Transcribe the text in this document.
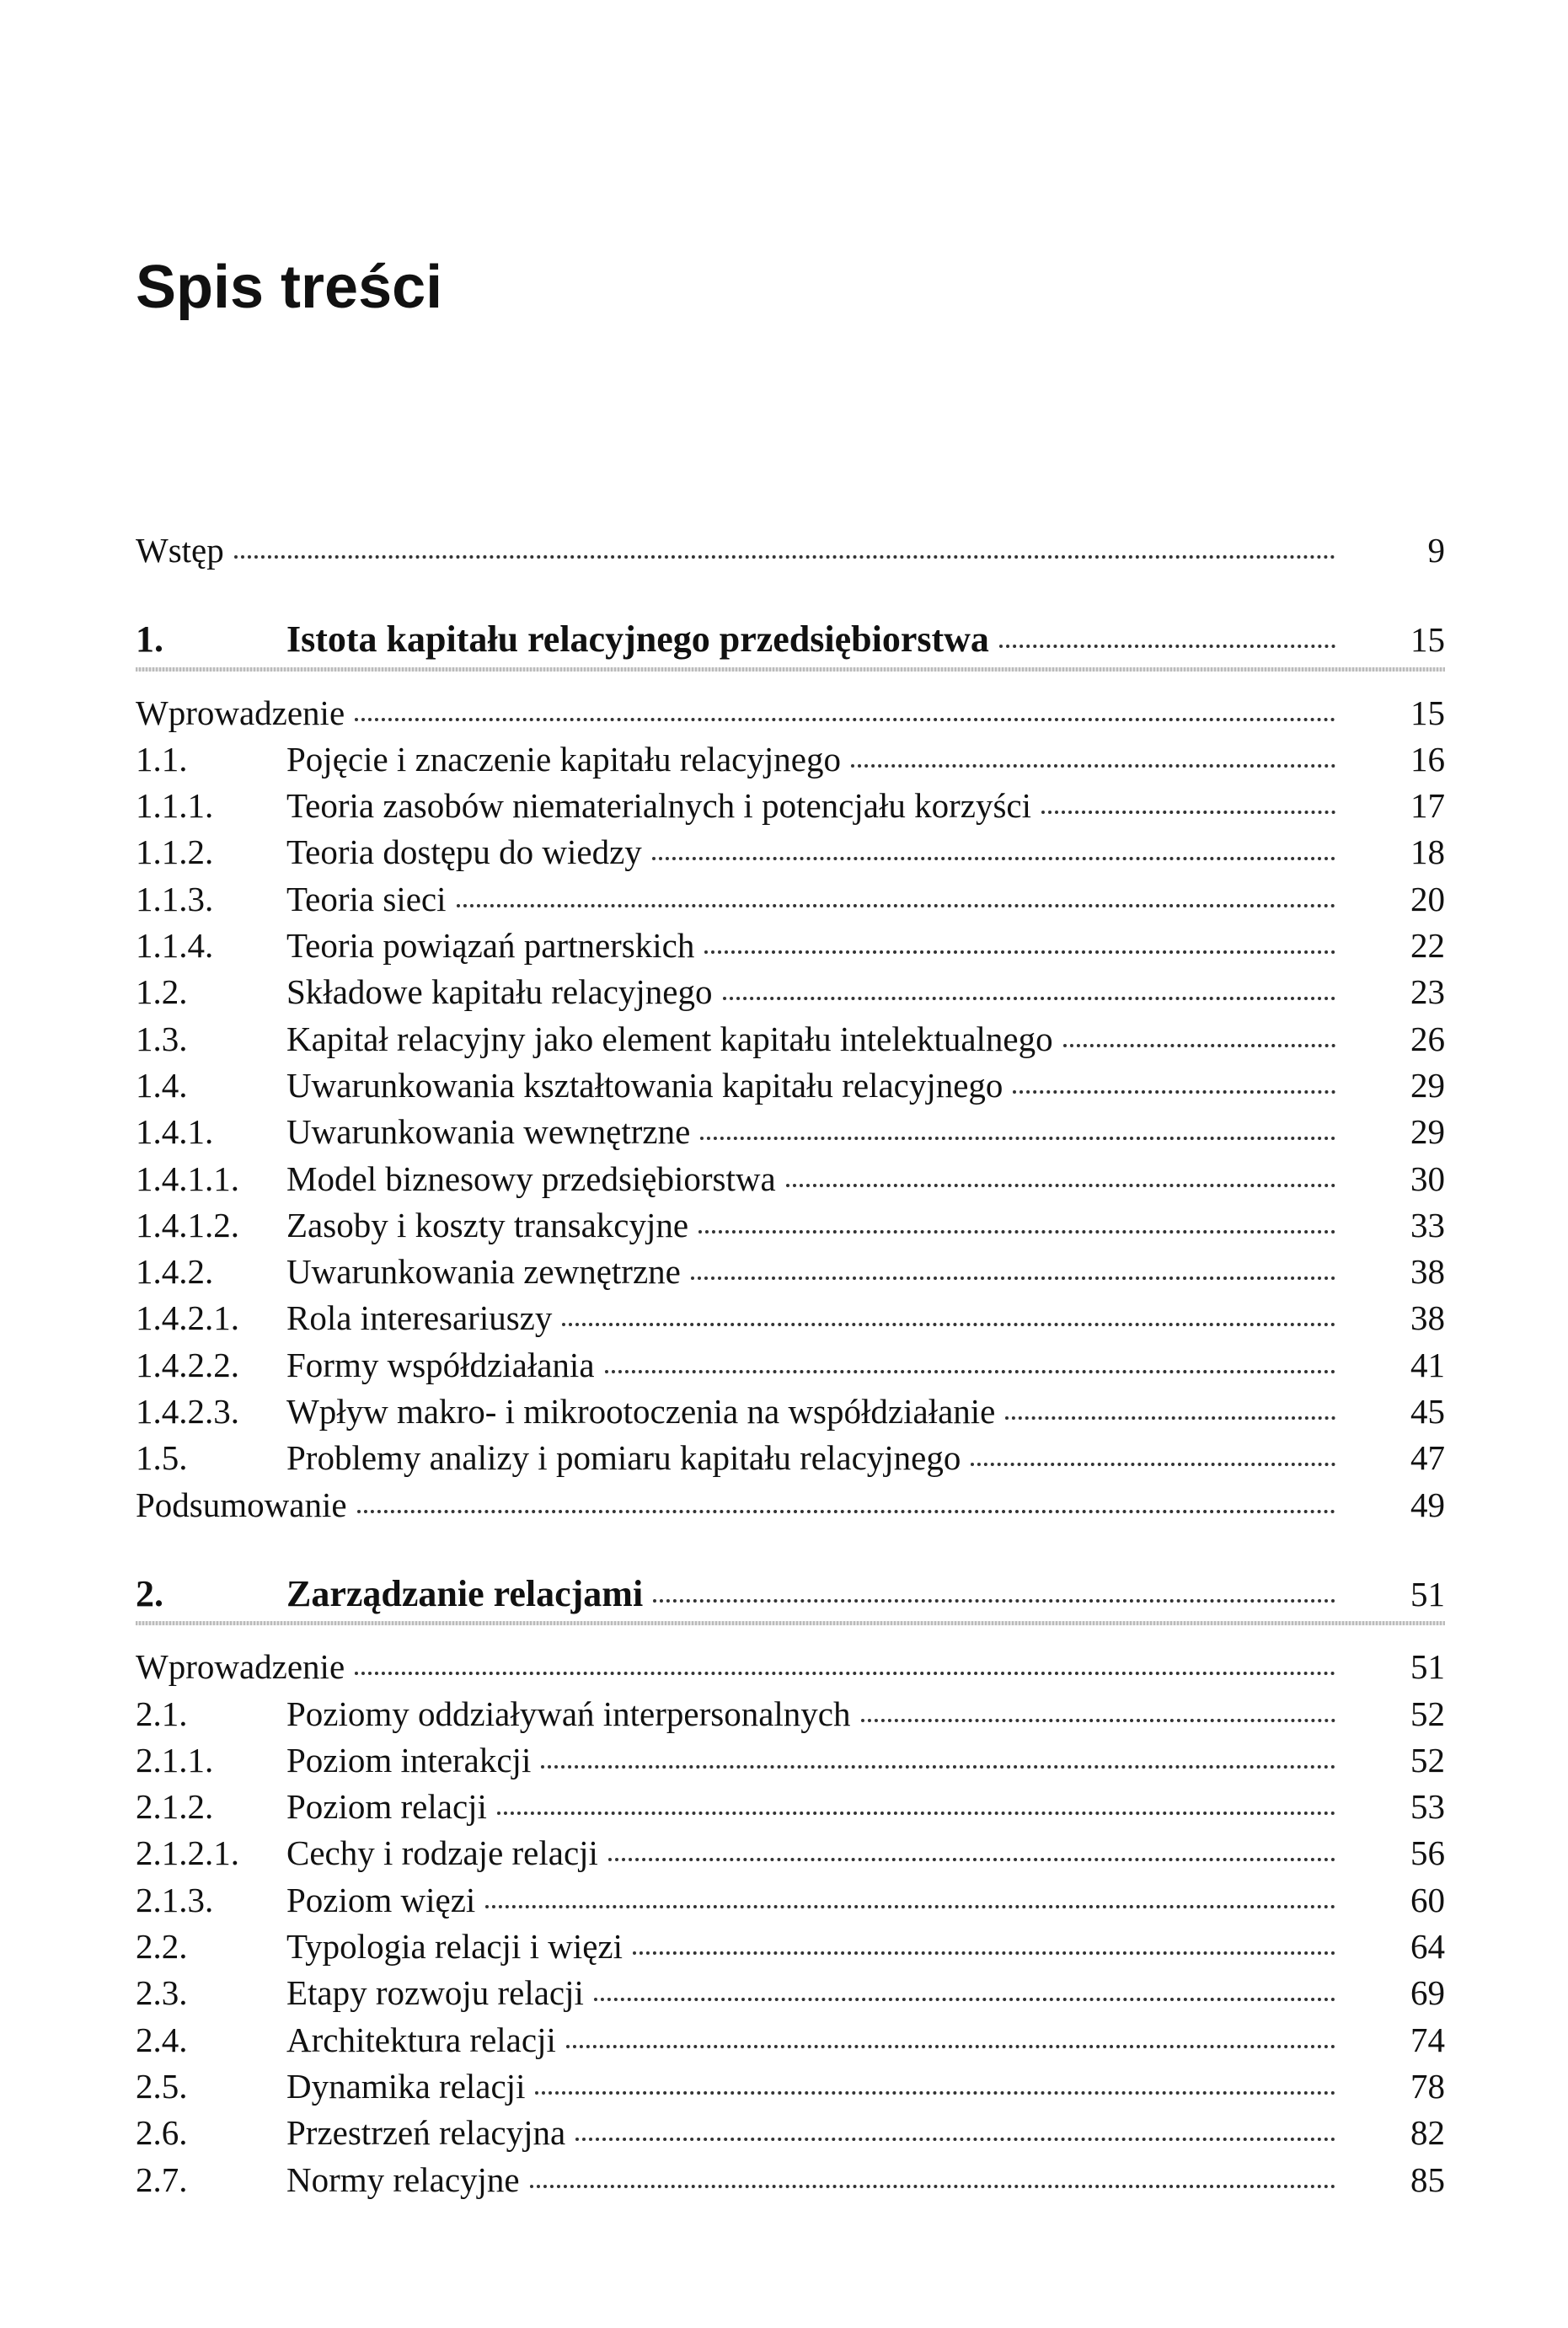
Spis treści
Wstęp	9
1.	Istota kapitału relacyjnego przedsiębiorstwa	15
Wprowadzenie	15
1.1.	Pojęcie i znaczenie kapitału relacyjnego	16
1.1.1.	Teoria zasobów niematerialnych i potencjału korzyści	17
1.1.2.	Teoria dostępu do wiedzy	18
1.1.3.	Teoria sieci	20
1.1.4.	Teoria powiązań partnerskich	22
1.2.	Składowe kapitału relacyjnego	23
1.3.	Kapitał relacyjny jako element kapitału intelektualnego	26
1.4.	Uwarunkowania kształtowania kapitału relacyjnego	29
1.4.1.	Uwarunkowania wewnętrzne	29
1.4.1.1.	Model biznesowy przedsiębiorstwa	30
1.4.1.2.	Zasoby i koszty transakcyjne	33
1.4.2.	Uwarunkowania zewnętrzne	38
1.4.2.1.	Rola interesariuszy	38
1.4.2.2.	Formy współdziałania	41
1.4.2.3.	Wpływ makro- i mikrootoczenia na współdziałanie	45
1.5.	Problemy analizy i pomiaru kapitału relacyjnego	47
Podsumowanie	49
2.	Zarządzanie relacjami	51
Wprowadzenie	51
2.1.	Poziomy oddziaływań interpersonalnych	52
2.1.1.	Poziom interakcji	52
2.1.2.	Poziom relacji	53
2.1.2.1.	Cechy i rodzaje relacji	56
2.1.3.	Poziom więzi	60
2.2.	Typologia relacji i więzi	64
2.3.	Etapy rozwoju relacji	69
2.4.	Architektura relacji	74
2.5.	Dynamika relacji	78
2.6.	Przestrzeń relacyjna	82
2.7.	Normy relacyjne	85
